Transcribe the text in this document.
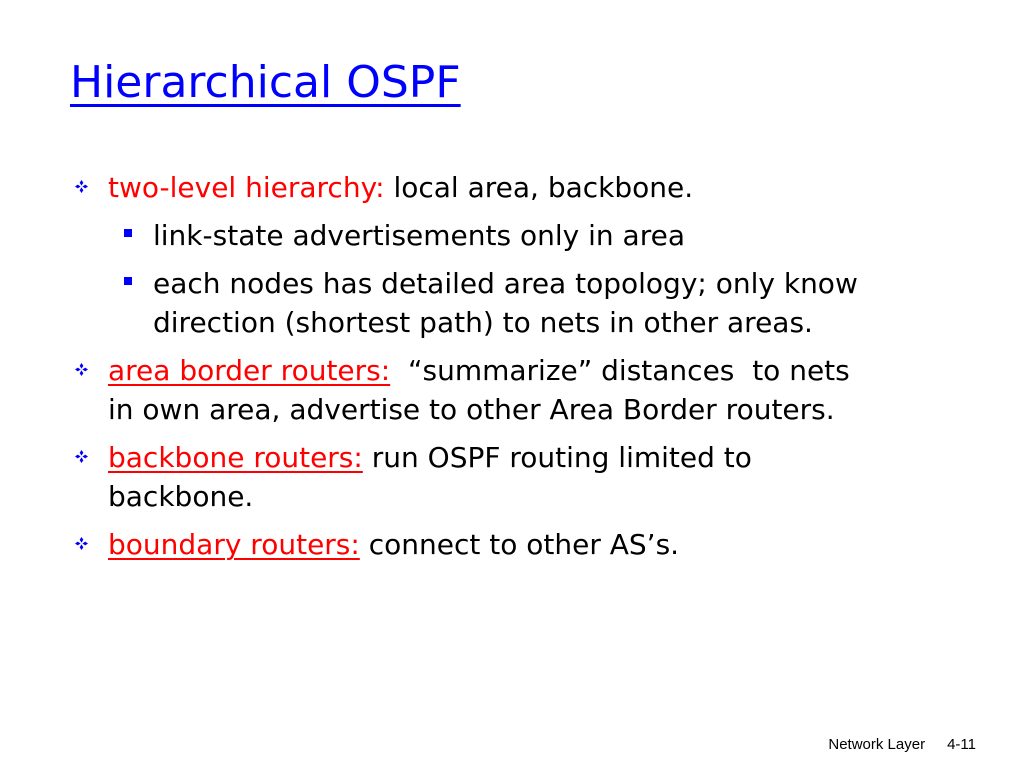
Hierarchical OSPF
two-level hierarchy: local area, backbone.
link-state advertisements only in area
each nodes has detailed area topology; only know
direction (shortest path) to nets in other areas.
area border routers:  “summarize” distances  to nets
in own area, advertise to other Area Border routers.
backbone routers: run OSPF routing limited to
backbone.
boundary routers: connect to other AS’s.
Network Layer 4-11
